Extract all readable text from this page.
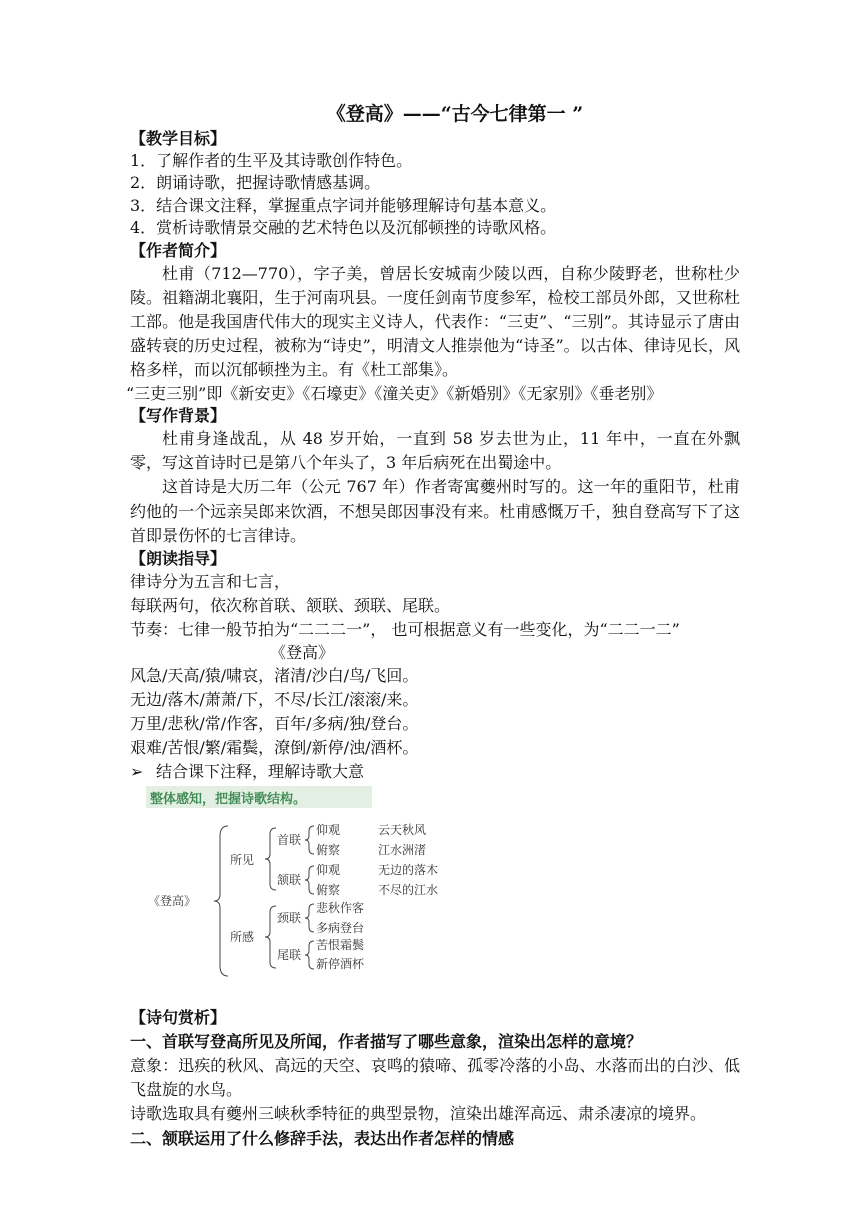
《登高》——“古今七律第一 ”

【教学目标】

1．了解作者的生平及其诗歌创作特色。

2．朗诵诗歌，把握诗歌情感基调。

3．结合课文注释，掌握重点字词并能够理解诗句基本意义。

4．赏析诗歌情景交融的艺术特色以及沉郁顿挫的诗歌风格。

【作者简介】

杜甫（712—770），字子美，曾居长安城南少陵以西，自称少陵野老，世称杜少陵。祖籍湖北襄阳，生于河南巩县。一度任剑南节度参军，检校工部员外郎，又世称杜工部。他是我国唐代伟大的现实主义诗人，代表作：“三吏”、“三别”。其诗显示了唐由盛转衰的历史过程，被称为“诗史”，明清文人推崇他为“诗圣”。以古体、律诗见长，风格多样，而以沉郁顿挫为主。有《杜工部集》。

“三吏三别”即《新安吏》《石壕吏》《潼关吏》《新婚别》《无家别》《垂老别》

【写作背景】

杜甫身逢战乱，从 48 岁开始，一直到 58 岁去世为止，11 年中，一直在外飘零，写这首诗时已是第八个年头了，3 年后病死在出蜀途中。

这首诗是大历二年（公元 767 年）作者寄寓夔州时写的。这一年的重阳节，杜甫约他的一个远亲吴郎来饮酒，不想吴郎因事没有来。杜甫感慨万千，独自登高写下了这首即景伤怀的七言律诗。

【朗读指导】

律诗分为五言和七言，

每联两句，依次称首联、颔联、颈联、尾联。

节奏：七律一般节拍为“二二二一”， 也可根据意义有一些变化，为“二二一二”

《登高》

风急/天高/猿/啸哀，渚清/沙白/鸟/飞回。

无边/落木/萧萧/下，不尽/长江/滚滚/来。

万里/悲秋/常/作客，百年/多病/独/登台。

艰难/苦恨/繁/霜鬓，潦倒/新停/浊/酒杯。

➢ 结合课下注释，理解诗歌大意

整体感知，把握诗歌结构。
《登高》
所见
所感
首联
颔联
颈联
尾联
仰观	云天秋风
俯察	江水洲渚
仰观	无边的落木
俯察	不尽的江水
悲秋作客
多病登台
苦恨霜鬓
新停酒杯

【诗句赏析】

一、首联写登高所见及所闻，作者描写了哪些意象，渲染出怎样的意境？

意象：迅疾的秋风、高远的天空、哀鸣的猿啼、孤零冷落的小岛、水落而出的白沙、低飞盘旋的水鸟。

诗歌选取具有夔州三峡秋季特征的典型景物，渲染出雄浑高远、肃杀凄凉的境界。

二、颔联运用了什么修辞手法，表达出作者怎样的情感
